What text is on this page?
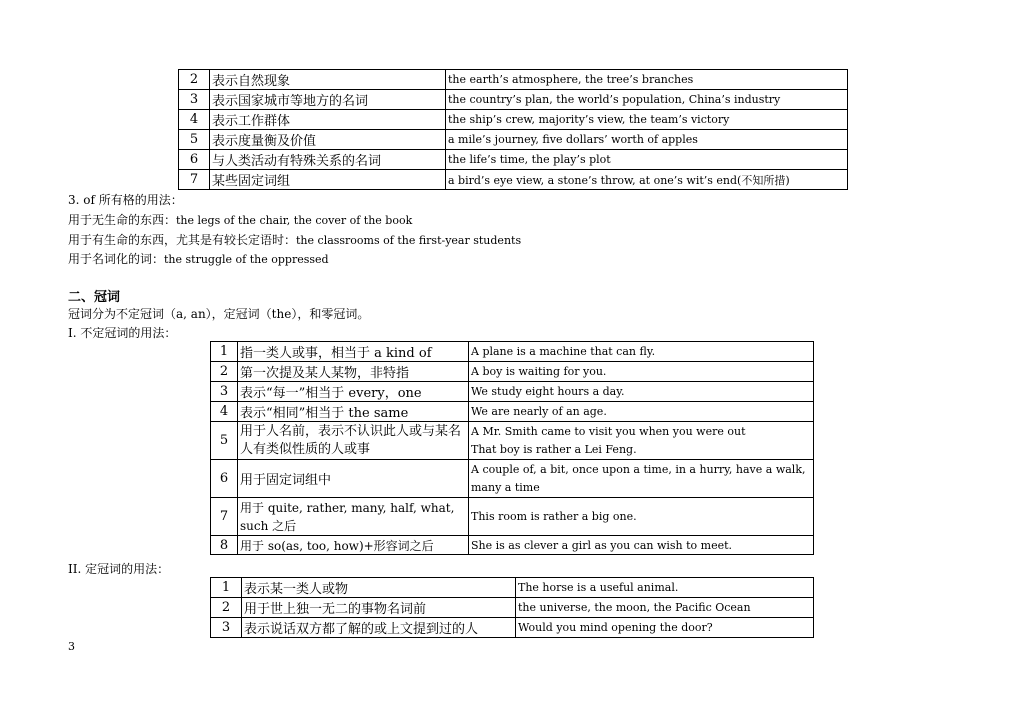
2	表示自然现象	the earth’s atmosphere, the tree’s branches
3	表示国家城市等地方的名词	the country’s plan, the world’s population, China’s industry
4	表示工作群体	the ship’s crew, majority’s view, the team’s victory
5	表示度量衡及价值	a mile’s journey, five dollars’ worth of apples
6	与人类活动有特殊关系的名词	the life’s time, the play’s plot
7	某些固定词组	a bird’s eye view, a stone’s throw, at one’s wit’s end(不知所措)
3. of 所有格的用法：
用于无生命的东西：the legs of the chair, the cover of the book
用于有生命的东西，尤其是有较长定语时：the classrooms of the first-year students
用于名词化的词：the struggle of the oppressed
二、冠词
冠词分为不定冠词（a, an），定冠词（the），和零冠词。
I. 不定冠词的用法：
1	指一类人或事，相当于 a kind of	A plane is a machine that can fly.
2	第一次提及某人某物，非特指	A boy is waiting for you.
3	表示“每一”相当于 every，one	We study eight hours a day.
4	表示“相同”相当于 the same	We are nearly of an age.
5	用于人名前，表示不认识此人或与某名人有类似性质的人或事	A Mr. Smith came to visit you when you were out
That boy is rather a Lei Feng.

6	用于固定词组中	A couple of, a bit, once upon a time, in a hurry, have a walk, many a time
7	用于 quite, rather, many, half, what, such 之后	This room is rather a big one.
8	用于 so(as, too, how)+形容词之后	She is as clever a girl as you can wish to meet.
II. 定冠词的用法：
1	表示某一类人或物	The horse is a useful animal.
2	用于世上独一无二的事物名词前	the universe, the moon, the Pacific Ocean
3	表示说话双方都了解的或上文提到过的人	Would you mind opening the door?
3
